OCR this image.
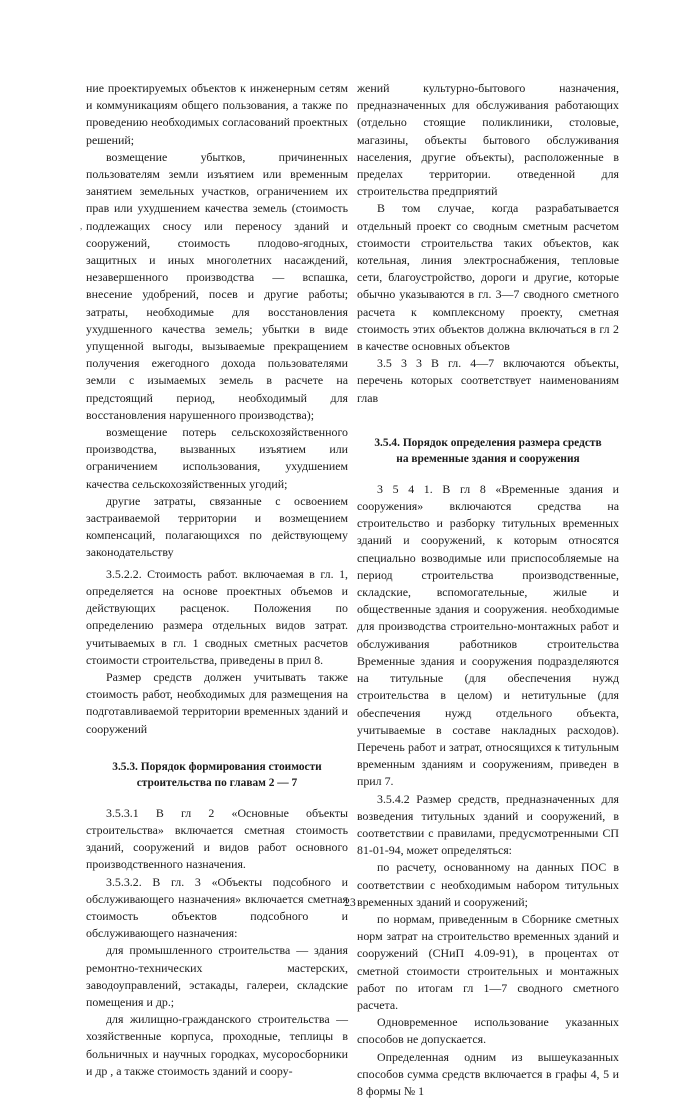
,

ние проектируемых объектов к инженерным сетям и коммуникациям общего пользования, а также по проведению необходимых согласований проектных решений;

возмещение убытков, причиненных пользователям земли изъятием или временным занятием земельных участков, ограничением их прав или ухудшением качества земель (стоимость подлежащих сносу или переносу зданий и сооружений, стоимость плодово-ягодных, защитных и иных многолетних насаждений, незавершенного производства — вспашка, внесение удобрений, посев и другие работы; затраты, необходимые для восстановления ухудшенного качества земель; убытки в виде упущенной выгоды, вызываемые прекращением получения ежегодного дохода пользователями земли с изымаемых земель в расчете на предстоящий период, необходимый для восстановления нарушенного производства);

возмещение потерь сельскохозяйственного производства, вызванных изъятием или ограничением использования, ухудшением качества сельскохозяйственных угодий;

другие затраты, связанные с освоением застраиваемой территории и возмещением компенсаций, полагающихся по действующему законодательству

3.5.2.2. Стоимость работ. включаемая в гл. 1, определяется на основе проектных объемов и действующих расценок. Положения по определению размера отдельных видов затрат. учитываемых в гл. 1 сводных сметных расчетов стоимости строительства, приведены в прил 8.

Размер средств должен учитывать также стоимость работ, необходимых для размещения на подготавливаемой территории временных зданий и сооружений

3.5.3. Порядок формирования стоимости строительства по главам 2 — 7

3.5.3.1 В гл 2 «Основные объекты строительства» включается сметная стоимость зданий, сооружений и видов работ основного производственного назначения.

3.5.3.2. В гл. 3 «Объекты подсобного и обслуживающего назначения» включается сметная стоимость объектов подсобного и обслуживающего назначения:

для промышленного строительства — здания ремонтно-технических мастерских, заводоуправлений, эстакады, галереи, складские помещения и др.;

для жилищно-гражданского строительства — хозяйственные корпуса, проходные, теплицы в больничных и научных городках, мусоросборники и др , а также стоимость зданий и соору-

жений культурно-бытового назначения, предназначенных для обслуживания работающих (отдельно стоящие поликлиники, столовые, магазины, объекты бытового обслуживания населения, другие объекты), расположенные в пределах территории. отведенной для строительства предприятий

В том случае, когда разрабатывается отдельный проект со сводным сметным расчетом стоимости строительства таких объектов, как котельная, линия электроснабжения, тепловые сети, благоустройство, дороги и другие, которые обычно указываются в гл. 3—7 сводного сметного расчета к комплексному проекту, сметная стоимость этих объектов должна включаться в гл 2 в качестве основных объектов

3.5 3 3 В гл. 4—7 включаются объекты, перечень которых соответствует наименованиям глав

3.5.4. Порядок определения размера средств на временные здания и сооружения

3 5 4 1. В гл 8 «Временные здания и сооружения» включаются средства на строительство и разборку титульных временных зданий и сооружений, к которым относятся специально возводимые или приспособляемые на период строительства производственные, складские, вспомогательные, жилые и общественные здания и сооружения. необходимые для производства строительно-монтажных работ и обслуживания работников строительства Временные здания и сооружения подразделяются на титульные (для обеспечения нужд строительства в целом) и нетитульные (для обеспечения нужд отдельного объекта, учитываемые в составе накладных расходов). Перечень работ и затрат, относящихся к титульным временным зданиям и сооружениям, приведен в прил 7.

3.5.4.2 Размер средств, предназначенных для возведения титульных зданий и сооружений, в соответствии с правилами, предусмотренными СП 81-01-94, может определяться:

по расчету, основанному на данных ПОС в соответствии с необходимым набором титульных временных зданий и сооружений;

по нормам, приведенным в Сборнике сметных норм затрат на строительство временных зданий и сооружений (СНиП 4.09-91), в процентах от сметной стоимости строительных и монтажных работ по итогам гл 1—7 сводного сметного расчета.

Одновременное использование указанных способов не допускается.

Определенная одним из вышеуказанных способов сумма средств включается в графы 4, 5 и 8 формы № 1

23
